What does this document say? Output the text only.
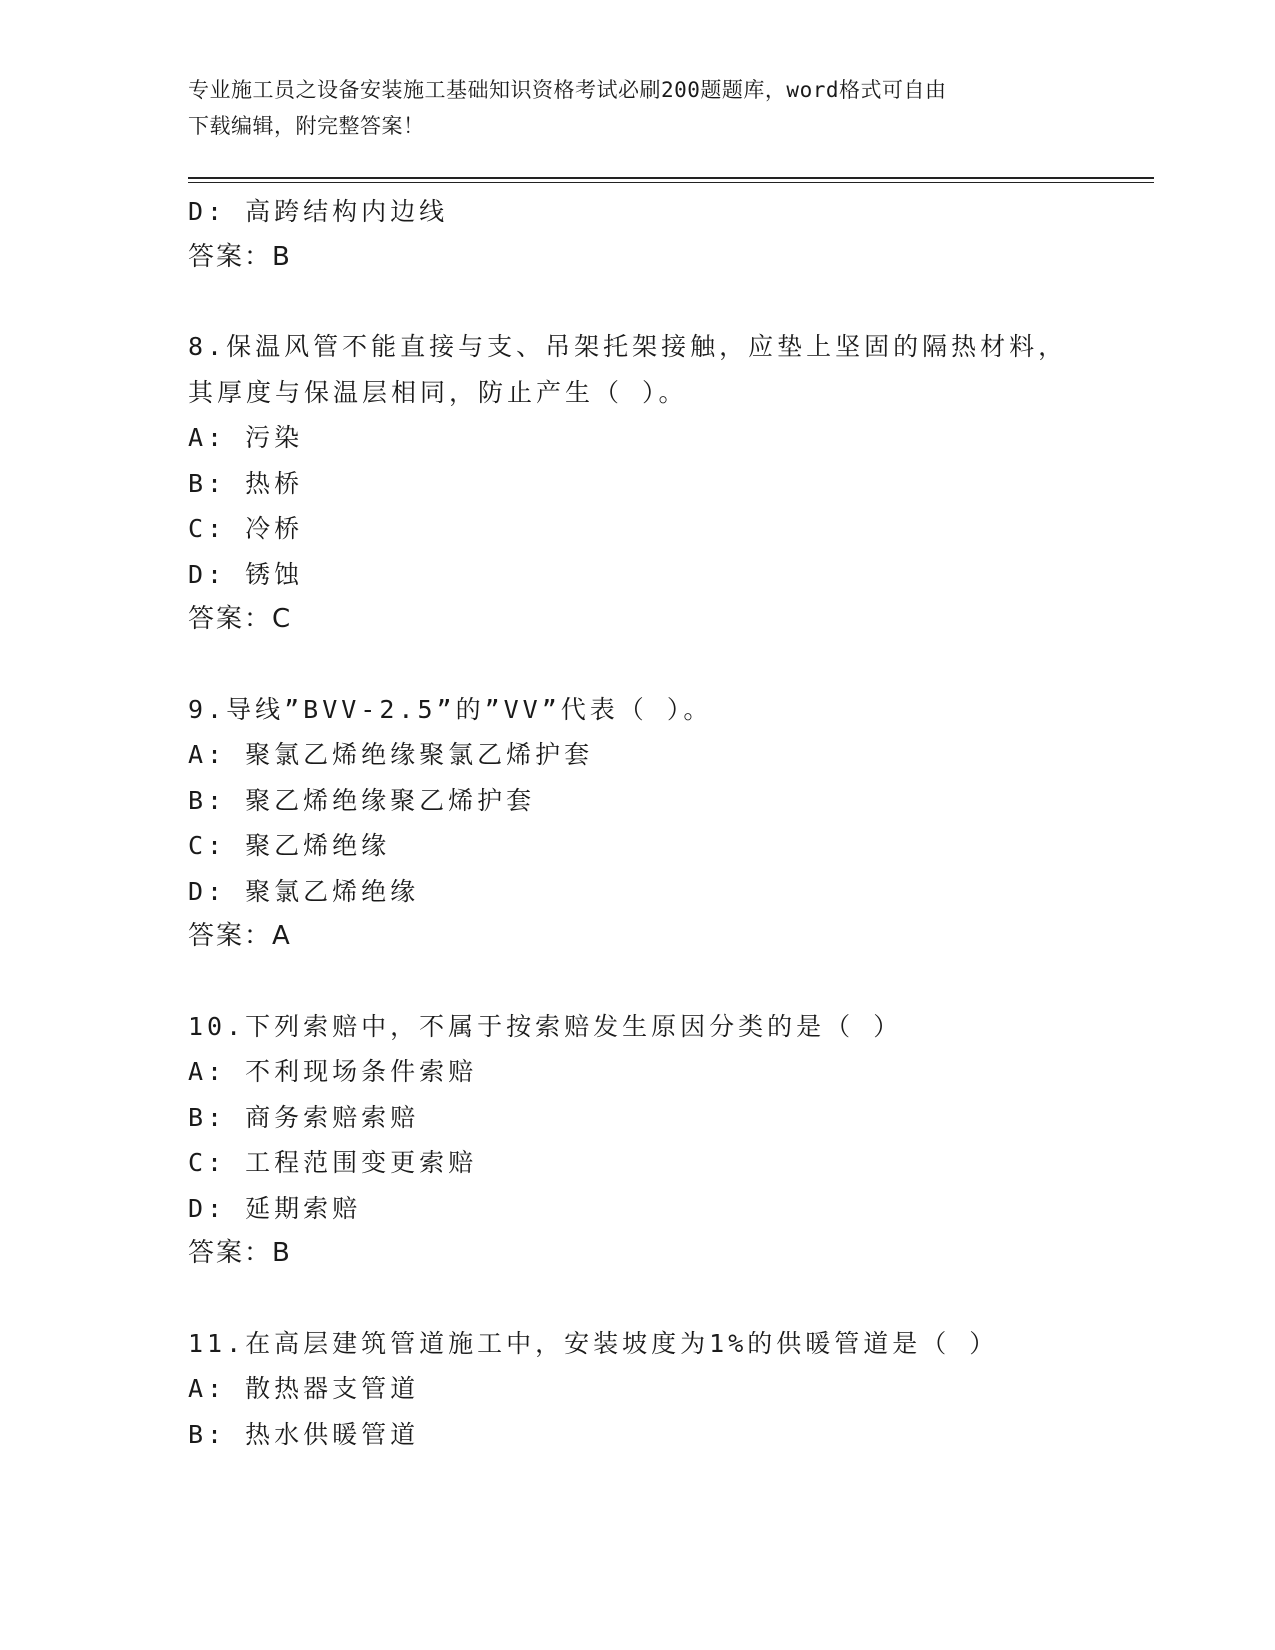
专业施工员之设备安装施工基础知识资格考试必刷200题题库，word格式可自由
下载编辑，附完整答案！
D: 高跨结构内边线
答案：B
8.保温风管不能直接与支、吊架托架接触，应垫上坚固的隔热材料，
其厚度与保温层相同，防止产生（ ）。
A: 污染
B: 热桥
C: 冷桥
D: 锈蚀
答案：C
9.导线”BVV-2.5”的”VV”代表（ ）。
A: 聚氯乙烯绝缘聚氯乙烯护套
B: 聚乙烯绝缘聚乙烯护套
C: 聚乙烯绝缘
D: 聚氯乙烯绝缘
答案：A
10.下列索赔中，不属于按索赔发生原因分类的是（ ）
A: 不利现场条件索赔
B: 商务索赔索赔
C: 工程范围变更索赔
D: 延期索赔
答案：B
11.在高层建筑管道施工中，安装坡度为1%的供暖管道是（ ）
A: 散热器支管道
B: 热水供暖管道
